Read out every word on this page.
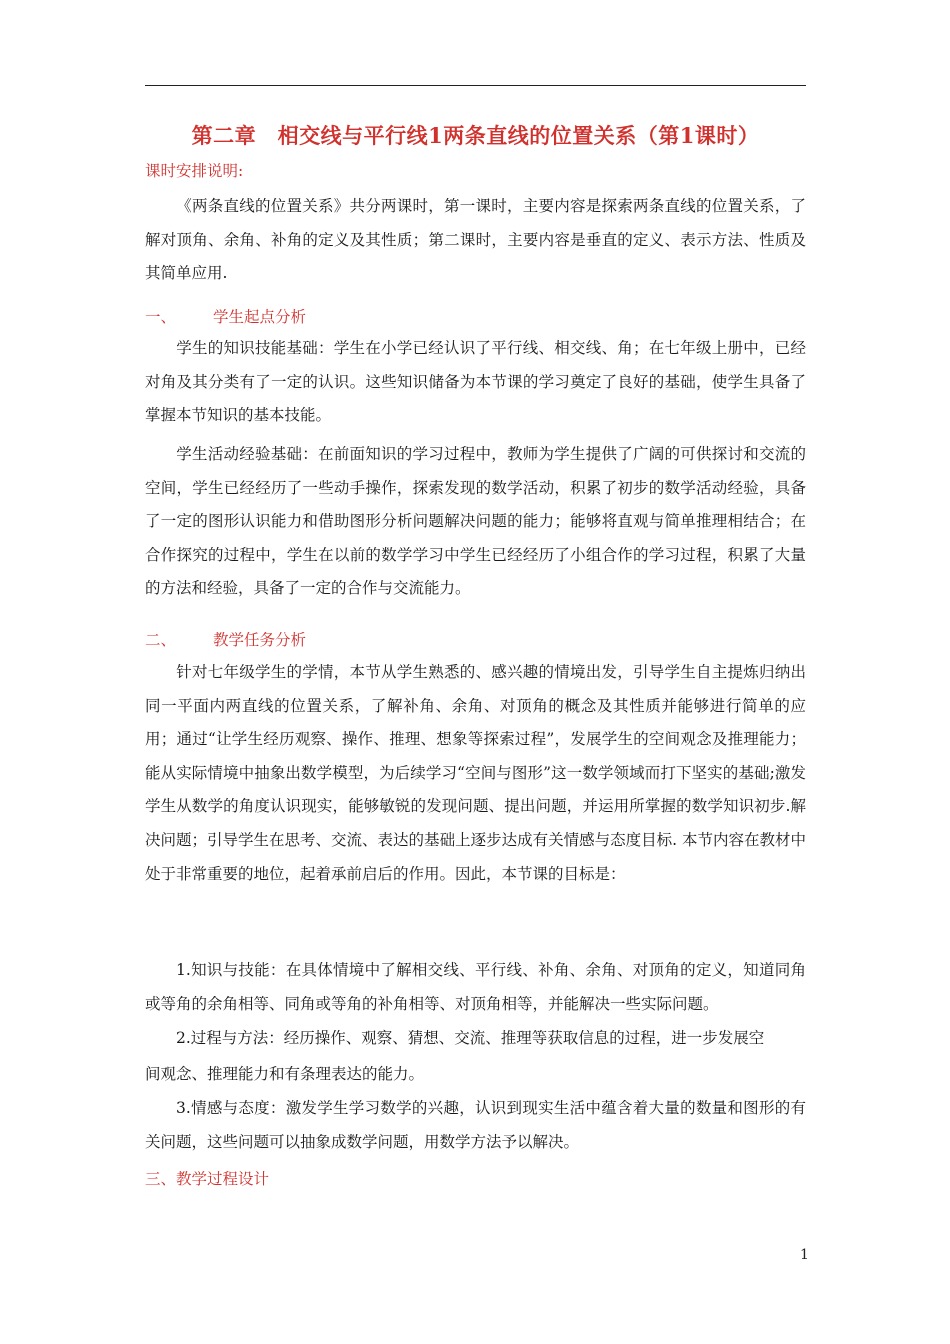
第二章　相交线与平行线1两条直线的位置关系（第1课时）
课时安排说明:
《两条直线的位置关系》共分两课时，第一课时，主要内容是探索两条直线的位置关系，了解对顶角、余角、补角的定义及其性质；第二课时，主要内容是垂直的定义、表示方法、性质及其简单应用.
一、 学生起点分析
学生的知识技能基础：学生在小学已经认识了平行线、相交线、角；在七年级上册中，已经对角及其分类有了一定的认识。这些知识储备为本节课的学习奠定了良好的基础，使学生具备了掌握本节知识的基本技能。
学生活动经验基础：在前面知识的学习过程中，教师为学生提供了广阔的可供探讨和交流的空间，学生已经经历了一些动手操作，探索发现的数学活动，积累了初步的数学活动经验，具备了一定的图形认识能力和借助图形分析问题解决问题的能力；能够将直观与简单推理相结合；在合作探究的过程中，学生在以前的数学学习中学生已经经历了小组合作的学习过程，积累了大量的方法和经验，具备了一定的合作与交流能力。
二、 教学任务分析
针对七年级学生的学情，本节从学生熟悉的、感兴趣的情境出发，引导学生自主提炼归纳出同一平面内两直线的位置关系，了解补角、余角、对顶角的概念及其性质并能够进行简单的应用；通过“让学生经历观察、操作、推理、想象等探索过程”，发展学生的空间观念及推理能力；能从实际情境中抽象出数学模型，为后续学习“空间与图形”这一数学领域而打下坚实的基础;激发学生从数学的角度认识现实，能够敏锐的发现问题、提出问题，并运用所掌握的数学知识初步.解决问题；引导学生在思考、交流、表达的基础上逐步达成有关情感与态度目标. 本节内容在教材中处于非常重要的地位，起着承前启后的作用。因此，本节课的目标是：
1.知识与技能：在具体情境中了解相交线、平行线、补角、余角、对顶角的定义，知道同角或等角的余角相等、同角或等角的补角相等、对顶角相等，并能解决一些实际问题。
2.过程与方法：经历操作、观察、猜想、交流、推理等获取信息的过程，进一步发展空
间观念、推理能力和有条理表达的能力。
3.情感与态度：激发学生学习数学的兴趣，认识到现实生活中蕴含着大量的数量和图形的有关问题，这些问题可以抽象成数学问题，用数学方法予以解决。
三、教学过程设计
1
